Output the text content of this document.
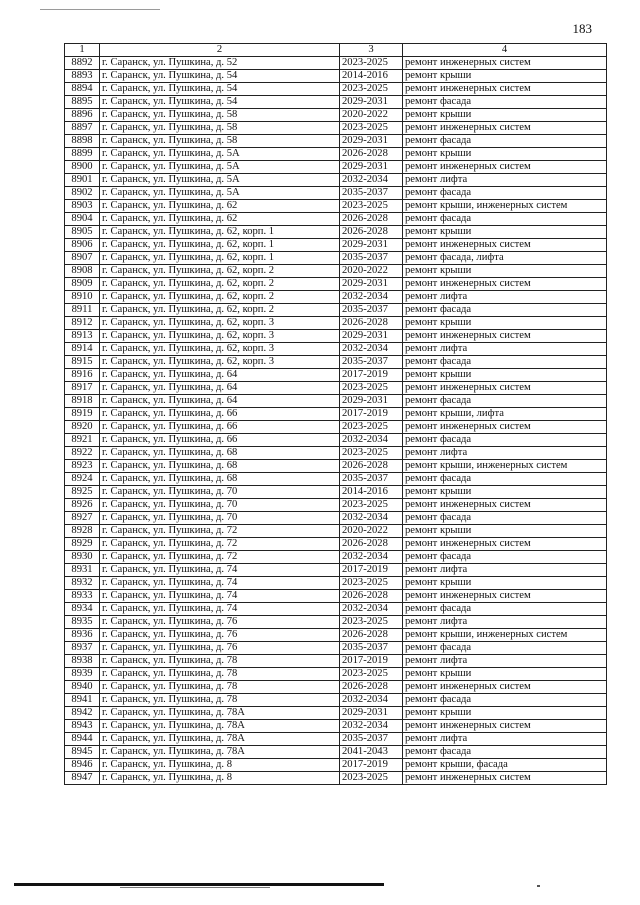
183
1	2	3	4
8892	г. Саранск, ул. Пушкина, д. 52	2023-2025	ремонт инженерных систем
8893	г. Саранск, ул. Пушкина, д. 54	2014-2016	ремонт крыши
8894	г. Саранск, ул. Пушкина, д. 54	2023-2025	ремонт инженерных систем
8895	г. Саранск, ул. Пушкина, д. 54	2029-2031	ремонт фасада
8896	г. Саранск, ул. Пушкина, д. 58	2020-2022	ремонт крыши
8897	г. Саранск, ул. Пушкина, д. 58	2023-2025	ремонт инженерных систем
8898	г. Саранск, ул. Пушкина, д. 58	2029-2031	ремонт фасада
8899	г. Саранск, ул. Пушкина, д. 5А	2026-2028	ремонт крыши
8900	г. Саранск, ул. Пушкина, д. 5А	2029-2031	ремонт инженерных систем
8901	г. Саранск, ул. Пушкина, д. 5А	2032-2034	ремонт лифта
8902	г. Саранск, ул. Пушкина, д. 5А	2035-2037	ремонт фасада
8903	г. Саранск, ул. Пушкина, д. 62	2023-2025	ремонт крыши, инженерных систем
8904	г. Саранск, ул. Пушкина, д. 62	2026-2028	ремонт фасада
8905	г. Саранск, ул. Пушкина, д. 62, корп. 1	2026-2028	ремонт крыши
8906	г. Саранск, ул. Пушкина, д. 62, корп. 1	2029-2031	ремонт инженерных систем
8907	г. Саранск, ул. Пушкина, д. 62, корп. 1	2035-2037	ремонт фасада, лифта
8908	г. Саранск, ул. Пушкина, д. 62, корп. 2	2020-2022	ремонт крыши
8909	г. Саранск, ул. Пушкина, д. 62, корп. 2	2029-2031	ремонт инженерных систем
8910	г. Саранск, ул. Пушкина, д. 62, корп. 2	2032-2034	ремонт лифта
8911	г. Саранск, ул. Пушкина, д. 62, корп. 2	2035-2037	ремонт фасада
8912	г. Саранск, ул. Пушкина, д. 62, корп. 3	2026-2028	ремонт крыши
8913	г. Саранск, ул. Пушкина, д. 62, корп. 3	2029-2031	ремонт инженерных систем
8914	г. Саранск, ул. Пушкина, д. 62, корп. 3	2032-2034	ремонт лифта
8915	г. Саранск, ул. Пушкина, д. 62, корп. 3	2035-2037	ремонт фасада
8916	г. Саранск, ул. Пушкина, д. 64	2017-2019	ремонт крыши
8917	г. Саранск, ул. Пушкина, д. 64	2023-2025	ремонт инженерных систем
8918	г. Саранск, ул. Пушкина, д. 64	2029-2031	ремонт фасада
8919	г. Саранск, ул. Пушкина, д. 66	2017-2019	ремонт крыши, лифта
8920	г. Саранск, ул. Пушкина, д. 66	2023-2025	ремонт инженерных систем
8921	г. Саранск, ул. Пушкина, д. 66	2032-2034	ремонт фасада
8922	г. Саранск, ул. Пушкина, д. 68	2023-2025	ремонт лифта
8923	г. Саранск, ул. Пушкина, д. 68	2026-2028	ремонт крыши, инженерных систем
8924	г. Саранск, ул. Пушкина, д. 68	2035-2037	ремонт фасада
8925	г. Саранск, ул. Пушкина, д. 70	2014-2016	ремонт крыши
8926	г. Саранск, ул. Пушкина, д. 70	2023-2025	ремонт инженерных систем
8927	г. Саранск, ул. Пушкина, д. 70	2032-2034	ремонт фасада
8928	г. Саранск, ул. Пушкина, д. 72	2020-2022	ремонт крыши
8929	г. Саранск, ул. Пушкина, д. 72	2026-2028	ремонт инженерных систем
8930	г. Саранск, ул. Пушкина, д. 72	2032-2034	ремонт фасада
8931	г. Саранск, ул. Пушкина, д. 74	2017-2019	ремонт лифта
8932	г. Саранск, ул. Пушкина, д. 74	2023-2025	ремонт крыши
8933	г. Саранск, ул. Пушкина, д. 74	2026-2028	ремонт инженерных систем
8934	г. Саранск, ул. Пушкина, д. 74	2032-2034	ремонт фасада
8935	г. Саранск, ул. Пушкина, д. 76	2023-2025	ремонт лифта
8936	г. Саранск, ул. Пушкина, д. 76	2026-2028	ремонт крыши, инженерных систем
8937	г. Саранск, ул. Пушкина, д. 76	2035-2037	ремонт фасада
8938	г. Саранск, ул. Пушкина, д. 78	2017-2019	ремонт лифта
8939	г. Саранск, ул. Пушкина, д. 78	2023-2025	ремонт крыши
8940	г. Саранск, ул. Пушкина, д. 78	2026-2028	ремонт инженерных систем
8941	г. Саранск, ул. Пушкина, д. 78	2032-2034	ремонт фасада
8942	г. Саранск, ул. Пушкина, д. 78А	2029-2031	ремонт крыши
8943	г. Саранск, ул. Пушкина, д. 78А	2032-2034	ремонт инженерных систем
8944	г. Саранск, ул. Пушкина, д. 78А	2035-2037	ремонт лифта
8945	г. Саранск, ул. Пушкина, д. 78А	2041-2043	ремонт фасада
8946	г. Саранск, ул. Пушкина, д. 8	2017-2019	ремонт крыши, фасада
8947	г. Саранск, ул. Пушкина, д. 8	2023-2025	ремонт инженерных систем
